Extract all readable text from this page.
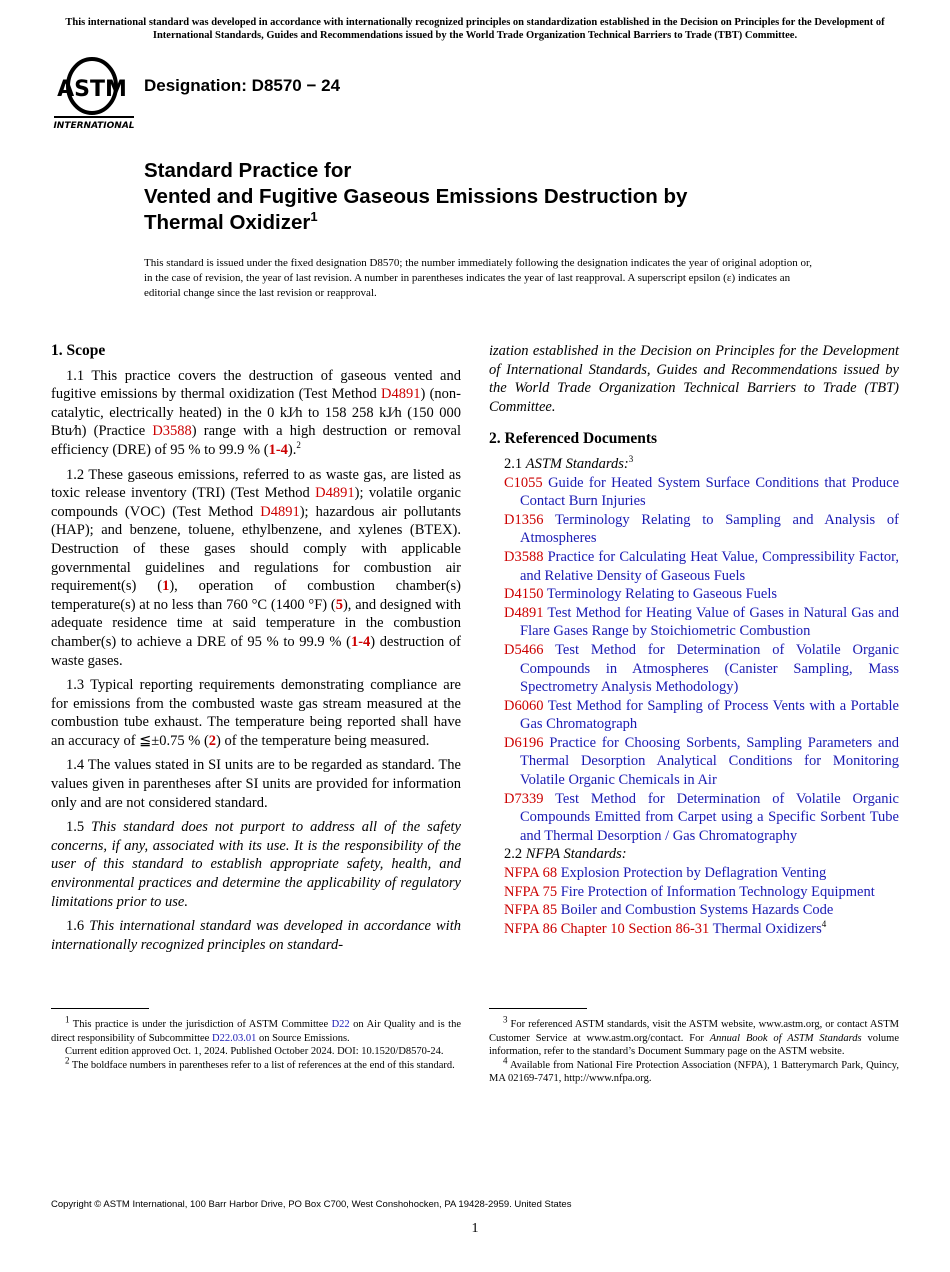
This international standard was developed in accordance with internationally recognized principles on standardization established in the Decision on Principles for the Development of International Standards, Guides and Recommendations issued by the World Trade Organization Technical Barriers to Trade (TBT) Committee.
ASTM
INTERNATIONAL
Designation: D8570 − 24
Standard Practice for
Vented and Fugitive Gaseous Emissions Destruction by
Thermal Oxidizer$^1$
This standard is issued under the fixed designation D8570; the number immediately following the designation indicates the year of original adoption or, in the case of revision, the year of last revision. A number in parentheses indicates the year of last reapproval. A superscript epsilon (ε) indicates an editorial change since the last revision or reapproval.
1. Scope

1.1 This practice covers the destruction of gaseous vented and fugitive emissions by thermal oxidization (Test Method D4891) (non-catalytic, electrically heated) in the 0 kJ⁄h to 158 258 kJ⁄h (150 000 Btu⁄h) (Practice D3588) range with a high destruction or removal efficiency (DRE) of 95 % to 99.9 % (1-4).$^2$

1.2 These gaseous emissions, referred to as waste gas, are listed as toxic release inventory (TRI) (Test Method D4891); volatile organic compounds (VOC) (Test Method D4891); hazardous air pollutants (HAP); and benzene, toluene, ethylbenzene, and xylenes (BTEX). Destruction of these gases should comply with applicable governmental guidelines and regulations for combustion air requirement(s) (1), operation of combustion chamber(s) temperature(s) at no less than 760 °C (1400 °F) (5), and designed with adequate residence time at said temperature in the combustion chamber(s) to achieve a DRE of 95 % to 99.9 % (1-4) destruction of waste gases.

1.3 Typical reporting requirements demonstrating compliance are for emissions from the combusted waste gas stream measured at the combustion tube exhaust. The temperature being reported shall have an accuracy of ≦±0.75 % (2) of the temperature being measured.

1.4 The values stated in SI units are to be regarded as standard. The values given in parentheses after SI units are provided for information only and are not considered standard.

1.5 This standard does not purport to address all of the safety concerns, if any, associated with its use. It is the responsibility of the user of this standard to establish appropriate safety, health, and environmental practices and determine the applicability of regulatory limitations prior to use.

1.6 This international standard was developed in accordance with internationally recognized principles on standard-

ization established in the Decision on Principles for the Development of International Standards, Guides and Recommendations issued by the World Trade Organization Technical Barriers to Trade (TBT) Committee.

2. Referenced Documents

2.1 ASTM Standards:$^3$

C1055 Guide for Heated System Surface Conditions that Produce Contact Burn Injuries

D1356 Terminology Relating to Sampling and Analysis of Atmospheres

D3588 Practice for Calculating Heat Value, Compressibility Factor, and Relative Density of Gaseous Fuels

D4150 Terminology Relating to Gaseous Fuels

D4891 Test Method for Heating Value of Gases in Natural Gas and Flare Gases Range by Stoichiometric Combustion

D5466 Test Method for Determination of Volatile Organic Compounds in Atmospheres (Canister Sampling, Mass Spectrometry Analysis Methodology)

D6060 Test Method for Sampling of Process Vents with a Portable Gas Chromatograph

D6196 Practice for Choosing Sorbents, Sampling Parameters and Thermal Desorption Analytical Conditions for Monitoring Volatile Organic Chemicals in Air

D7339 Test Method for Determination of Volatile Organic Compounds Emitted from Carpet using a Specific Sorbent Tube and Thermal Desorption / Gas Chromatography

2.2 NFPA Standards:

NFPA 68 Explosion Protection by Deflagration Venting

NFPA 75 Fire Protection of Information Technology Equipment

NFPA 85 Boiler and Combustion Systems Hazards Code

NFPA 86 Chapter 10 Section 86-31 Thermal Oxidizers$^4$

$^1$ This practice is under the jurisdiction of ASTM Committee D22 on Air Quality and is the direct responsibility of Subcommittee D22.03.01 on Source Emissions.

Current edition approved Oct. 1, 2024. Published October 2024. DOI: 10.1520/D8570-24.

$^2$ The boldface numbers in parentheses refer to a list of references at the end of this standard.

$^3$ For referenced ASTM standards, visit the ASTM website, www.astm.org, or contact ASTM Customer Service at www.astm.org/contact. For Annual Book of ASTM Standards volume information, refer to the standard’s Document Summary page on the ASTM website.

$^4$ Available from National Fire Protection Association (NFPA), 1 Batterymarch Park, Quincy, MA 02169-7471, http://www.nfpa.org.

Copyright © ASTM International, 100 Barr Harbor Drive, PO Box C700, West Conshohocken, PA 19428-2959. United States
1
